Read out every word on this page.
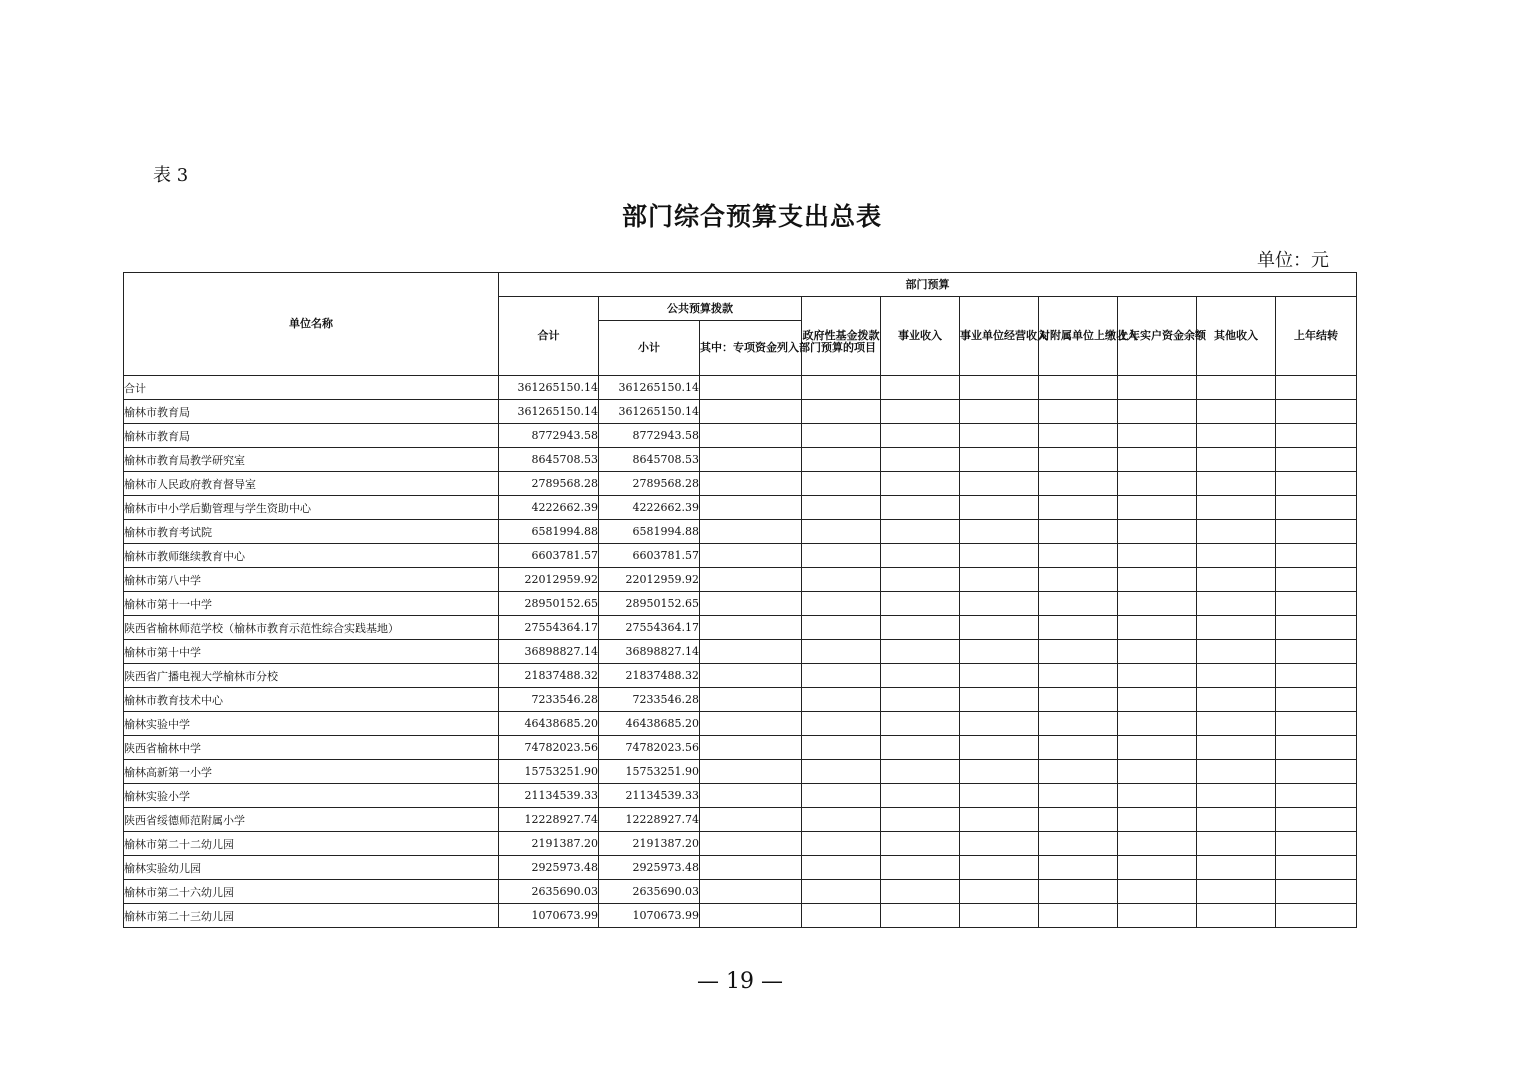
表 3
部门综合预算支出总表
单位：元
单位名称	部门预算									
	合计	公共预算拨款		政府性基金拨款	事业收入	事业单位经营收入	对附属单位上缴收入	上年实户资金余额	其他收入	上年结转
		小计	其中：专项资金列入部门预算的项目							
合计	361265150.14	361265150.14								
榆林市教育局	361265150.14	361265150.14								
榆林市教育局	8772943.58	8772943.58								
榆林市教育局教学研究室	8645708.53	8645708.53								
榆林市人民政府教育督导室	2789568.28	2789568.28								
榆林市中小学后勤管理与学生资助中心	4222662.39	4222662.39								
榆林市教育考试院	6581994.88	6581994.88								
榆林市教师继续教育中心	6603781.57	6603781.57								
榆林市第八中学	22012959.92	22012959.92								
榆林市第十一中学	28950152.65	28950152.65								
陕西省榆林师范学校（榆林市教育示范性综合实践基地）	27554364.17	27554364.17								
榆林市第十中学	36898827.14	36898827.14								
陕西省广播电视大学榆林市分校	21837488.32	21837488.32								
榆林市教育技术中心	7233546.28	7233546.28								
榆林实验中学	46438685.20	46438685.20								
陕西省榆林中学	74782023.56	74782023.56								
榆林高新第一小学	15753251.90	15753251.90								
榆林实验小学	21134539.33	21134539.33								
陕西省绥德师范附属小学	12228927.74	12228927.74								
榆林市第二十二幼儿园	2191387.20	2191387.20								
榆林实验幼儿园	2925973.48	2925973.48								
榆林市第二十六幼儿园	2635690.03	2635690.03								
榆林市第二十三幼儿园	1070673.99	1070673.99								
— 19 —
